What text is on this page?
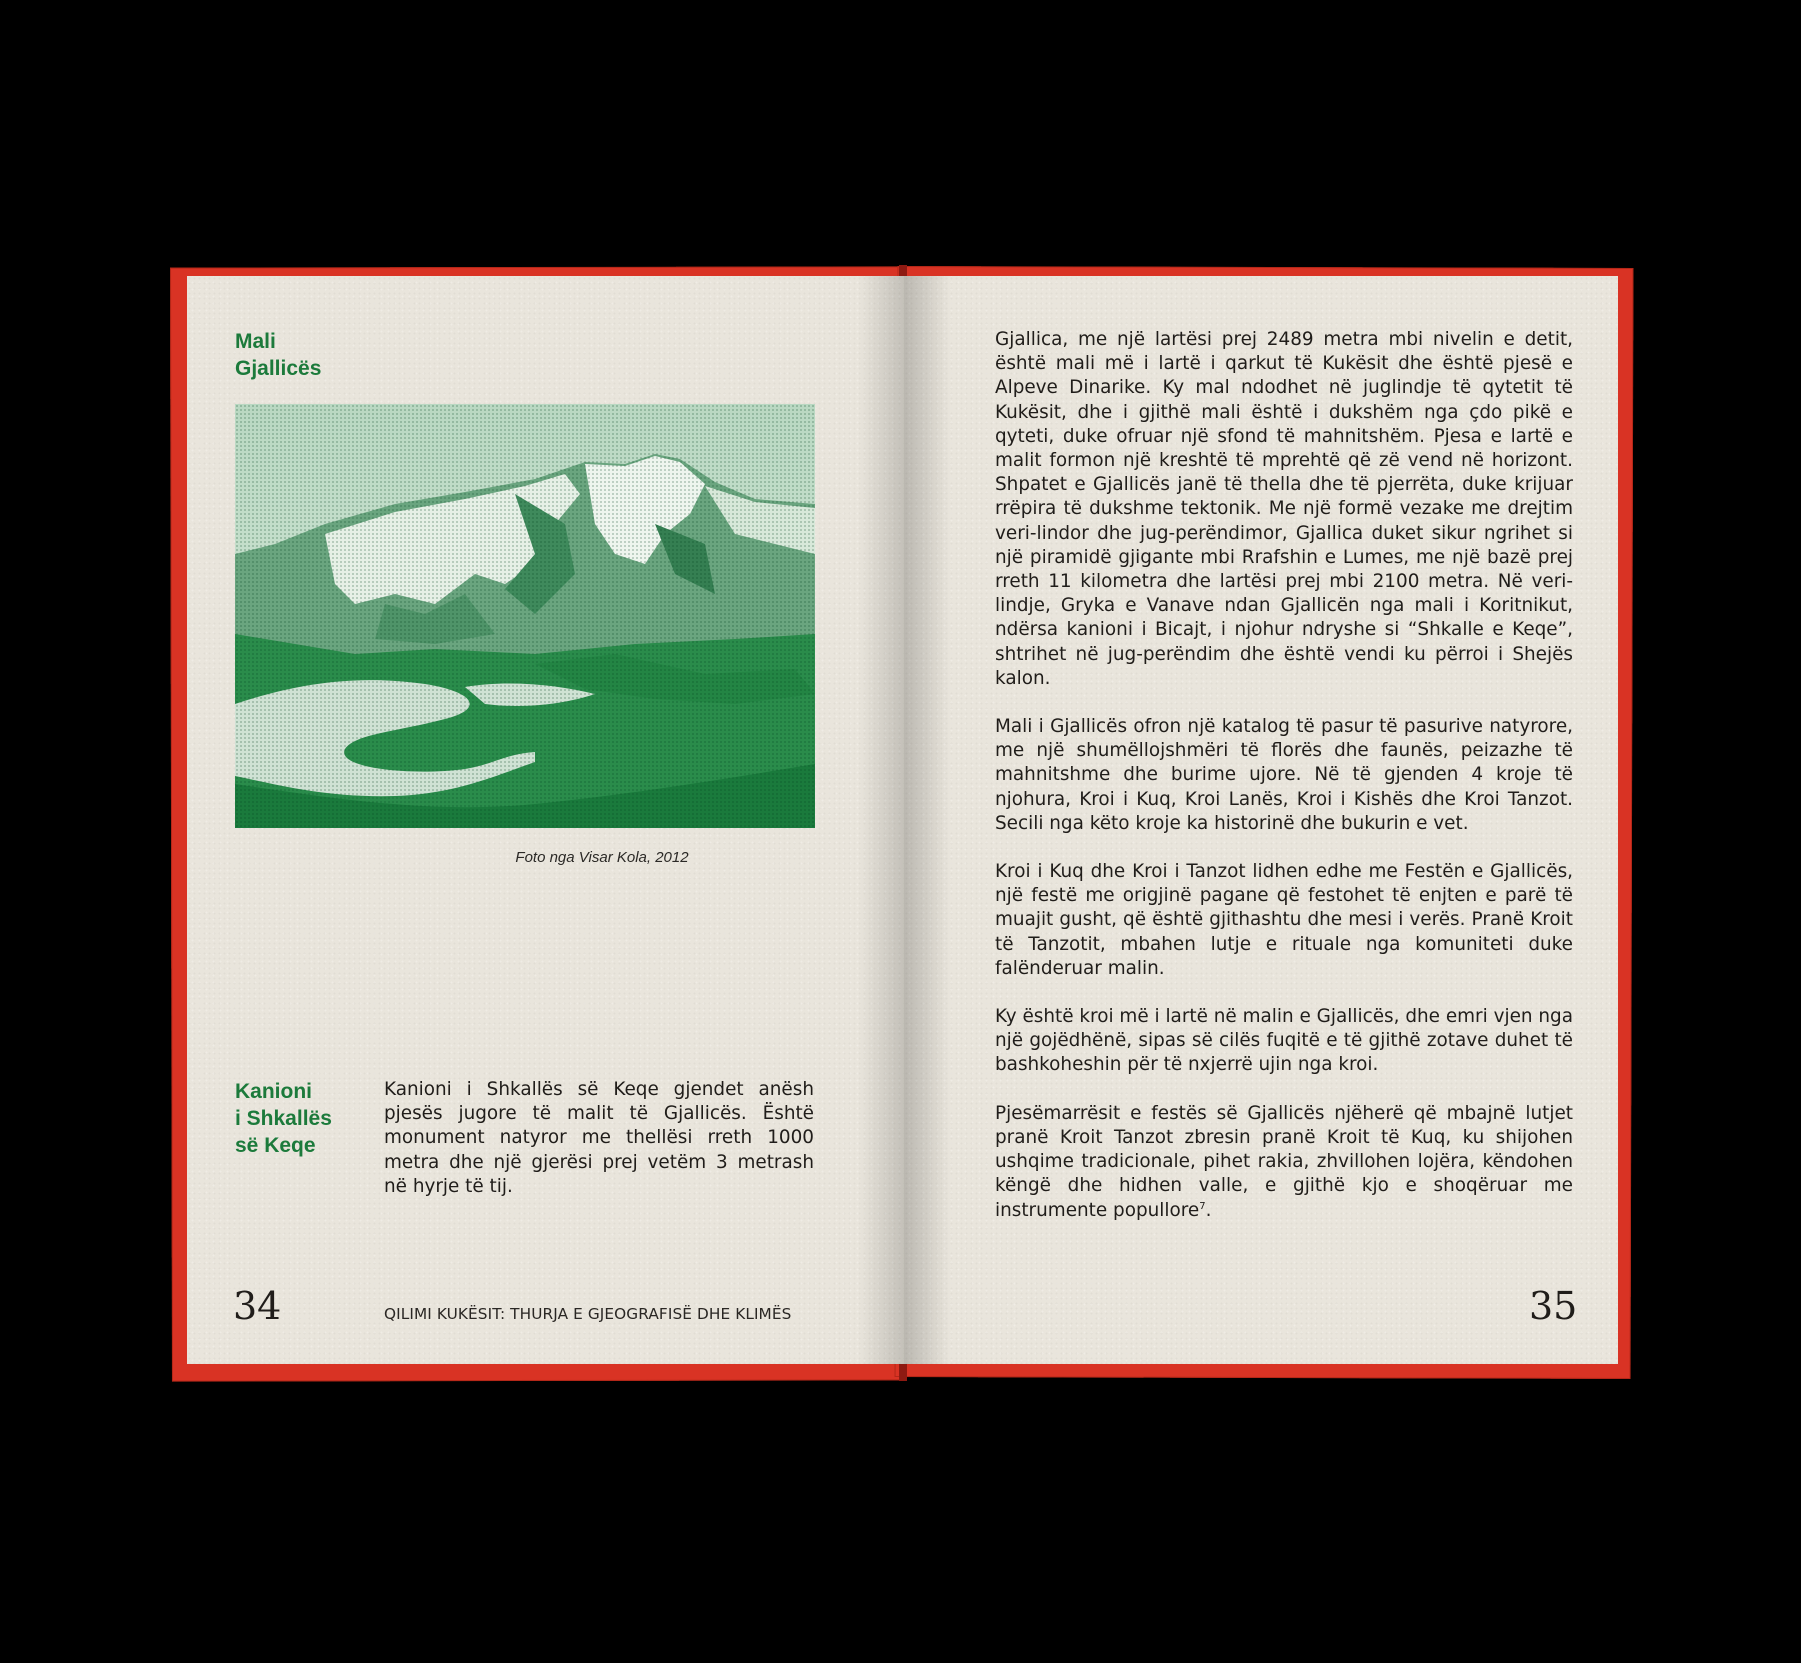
Mali
Gjallicës
Foto nga Visar Kola, 2012
Kanioni
i Shkallës
së Keqe

Kanioni i Shkallës së Keqe gjendet anësh pjesës jugore të malit të Gjallicës. Është monument natyror me thellësi rreth 1000 metra dhe një gjerësi prej vetëm 3 metrash në hyrje të tij.

34	QILIMI KUKËSIT: THURJA E GJEOGRAFISË DHE KLIMËS

Gjallica, me një lartësi prej 2489 metra mbi nivelin e detit, është mali më i lartë i qarkut të Kukësit dhe është pjesë e Alpeve Dinarike. Ky mal ndodhet në juglindje të qytetit të Kukësit, dhe i gjithë mali është i dukshëm nga çdo pikë e qyteti, duke ofruar një sfond të mahnitshëm. Pjesa e lartë e malit formon një kreshtë të mprehtë që zë vend në horizont. Shpatet e Gjallicës janë të thella dhe të pjerrëta, duke krijuar rrëpira të dukshme tektonik. Me një formë vezake me drejtim veri-lindor dhe jug-perëndimor, Gjallica duket sikur ngrihet si një piramidë gjigante mbi Rrafshin e Lumes, me një bazë prej rreth 11 kilometra dhe lartësi prej mbi 2100 metra. Në veri-lindje, Gryka e Vanave ndan Gjallicën nga mali i Koritnikut, ndërsa kanioni i Bicajt, i njohur ndryshe si “Shkalle e Keqe”, shtrihet në jug-perëndim dhe është vendi ku përroi i Shejës kalon.

Mali i Gjallicës ofron një katalog të pasur të pasurive natyrore, me një shumëllojshmëri të florës dhe faunës, peizazhe të mahnitshme dhe burime ujore. Në të gjenden 4 kroje të njohura, Kroi i Kuq, Kroi Lanës, Kroi i Kishës dhe Kroi Tanzot. Secili nga këto kroje ka historinë dhe bukurin e vet.

Kroi i Kuq dhe Kroi i Tanzot lidhen edhe me Festën e Gjallicës, një festë me origjinë pagane që festohet të enjten e parë të muajit gusht, që është gjithashtu dhe mesi i verës. Pranë Kroit të Tanzotit, mbahen lutje e rituale nga komuniteti duke falënderuar malin.

Ky është kroi më i lartë në malin e Gjallicës, dhe emri vjen nga një gojëdhënë, sipas së cilës fuqitë e të gjithë zotave duhet të bashkoheshin për të nxjerrë ujin nga kroi.

Pjesëmarrësit e festës së Gjallicës njëherë që mbajnë lutjet pranë Kroit Tanzot zbresin pranë Kroit të Kuq, ku shijohen ushqime tradicionale, pihet rakia, zhvillohen lojëra, këndohen këngë dhe hidhen valle, e gjithë kjo e shoqëruar me instrumente popullore$^7$.

35
